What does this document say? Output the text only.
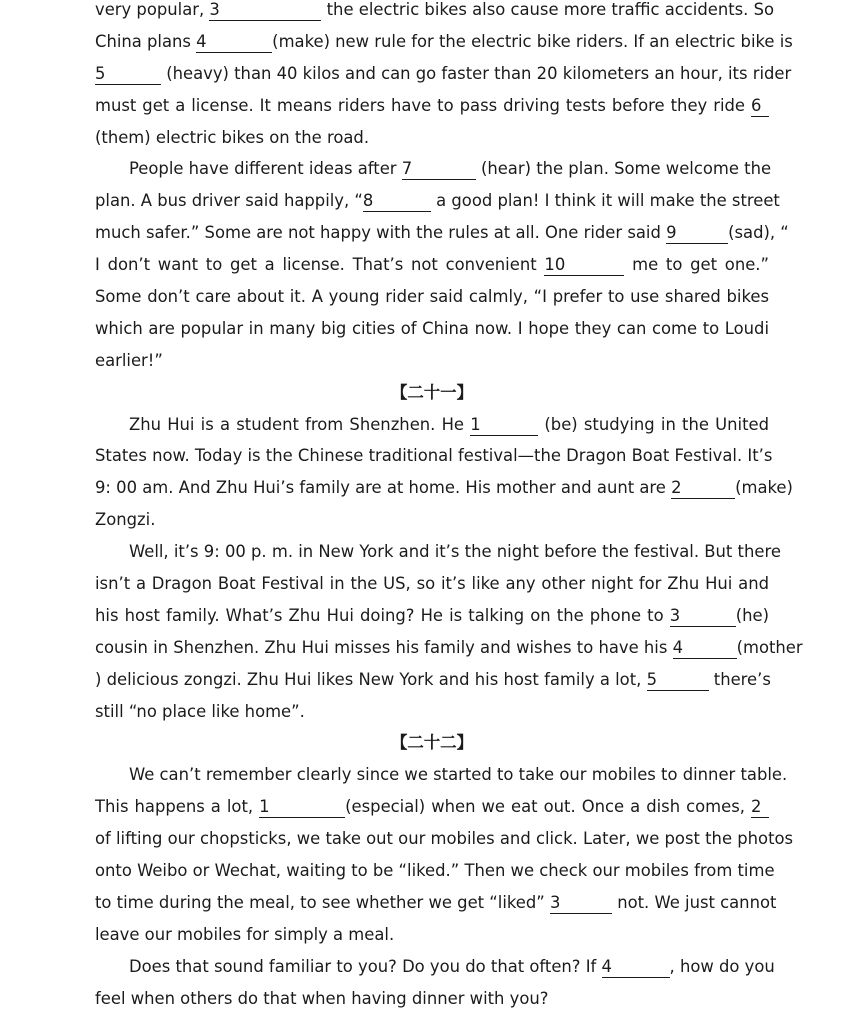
very popular, 3	the electric bikes also cause more traffic accidents. So
China plans 4	(make) new rule for the electric bike riders. If an electric bike is
5	(heavy) than 40 kilos and can go faster than 20 kilometers an hour, its rider
must get a license. It means riders have to pass driving tests before they ride 6
(them) electric bikes on the road.
People have different ideas after 7	(hear) the plan. Some welcome the
plan. A bus driver said happily, “8	a good plan! I think it will make the street
much safer.” Some are not happy with the rules at all. One rider said 9	(sad), “
I don’t want to get a license. That’s not convenient 10	me to get one.”
Some don’t care about it. A young rider said calmly, “I prefer to use shared bikes
which are popular in many big cities of China now. I hope they can come to Loudi
earlier!”
【二十一】
Zhu Hui is a student from Shenzhen. He 1	(be) studying in the United
States now. Today is the Chinese traditional festival—the Dragon Boat Festival. It’s
9: 00 am. And Zhu Hui’s family are at home. His mother and aunt are 2	(make)
Zongzi.
Well, it’s 9: 00 p. m. in New York and it’s the night before the festival. But there
isn’t a Dragon Boat Festival in the US, so it’s like any other night for Zhu Hui and
his host family. What’s Zhu Hui doing? He is talking on the phone to 3	(he)
cousin in Shenzhen. Zhu Hui misses his family and wishes to have his 4	(mother
) delicious zongzi. Zhu Hui likes New York and his host family a lot, 5	there’s
still “no place like home”.
【二十二】
We can’t remember clearly since we started to take our mobiles to dinner table.
This happens a lot, 1	(especial) when we eat out. Once a dish comes, 2
of lifting our chopsticks, we take out our mobiles and click. Later, we post the photos
onto Weibo or Wechat, waiting to be “liked.” Then we check our mobiles from time
to time during the meal, to see whether we get “liked” 3	not. We just cannot
leave our mobiles for simply a meal.
Does that sound familiar to you? Do you do that often? If 4	, how do you
feel when others do that when having dinner with you?
